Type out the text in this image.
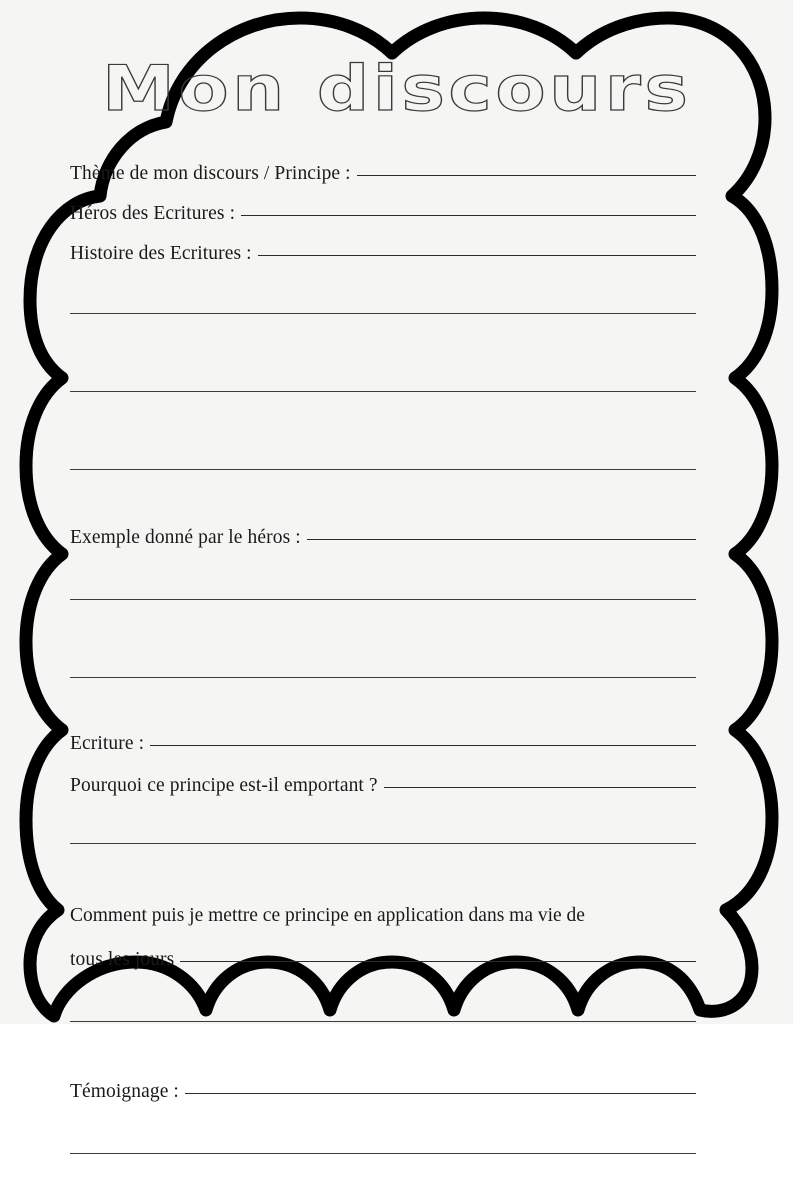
Mon discours
Thème de mon discours / Principe :
Héros des Ecritures :
Histoire des Ecritures :
Exemple donné par le héros :
Ecriture :
Pourquoi ce principe est-il emportant ?
Comment puis je mettre ce principe en application dans ma vie de
tous les jours
Témoignage :
